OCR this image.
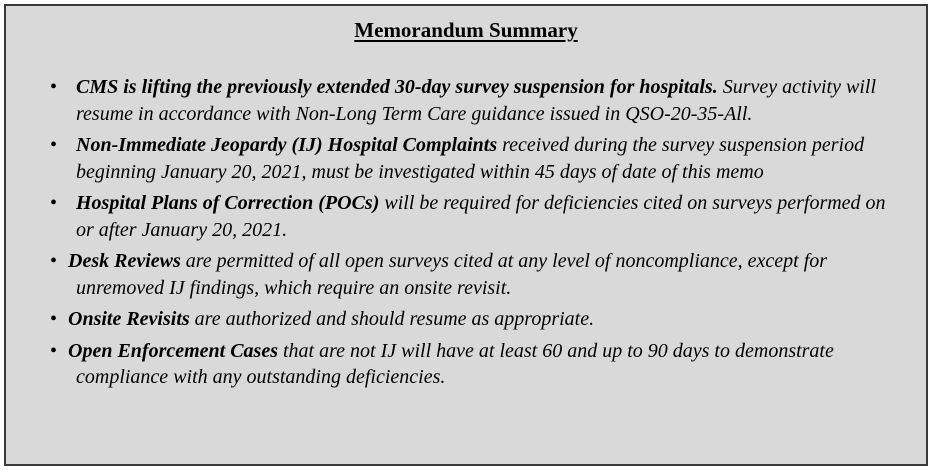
Memorandum Summary
• CMS is lifting the previously extended 30-day survey suspension for hospitals. Survey activity will resume in accordance with Non-Long Term Care guidance issued in QSO-20-35-All.
• Non-Immediate Jeopardy (IJ) Hospital Complaints received during the survey suspension period beginning January 20, 2021, must be investigated within 45 days of date of this memo
• Hospital Plans of Correction (POCs) will be required for deficiencies cited on surveys performed on or after January 20, 2021.
• Desk Reviews are permitted of all open surveys cited at any level of noncompliance, except for unremoved IJ findings, which require an onsite revisit.
• Onsite Revisits are authorized and should resume as appropriate.
• Open Enforcement Cases that are not IJ will have at least 60 and up to 90 days to demonstrate compliance with any outstanding deficiencies.
